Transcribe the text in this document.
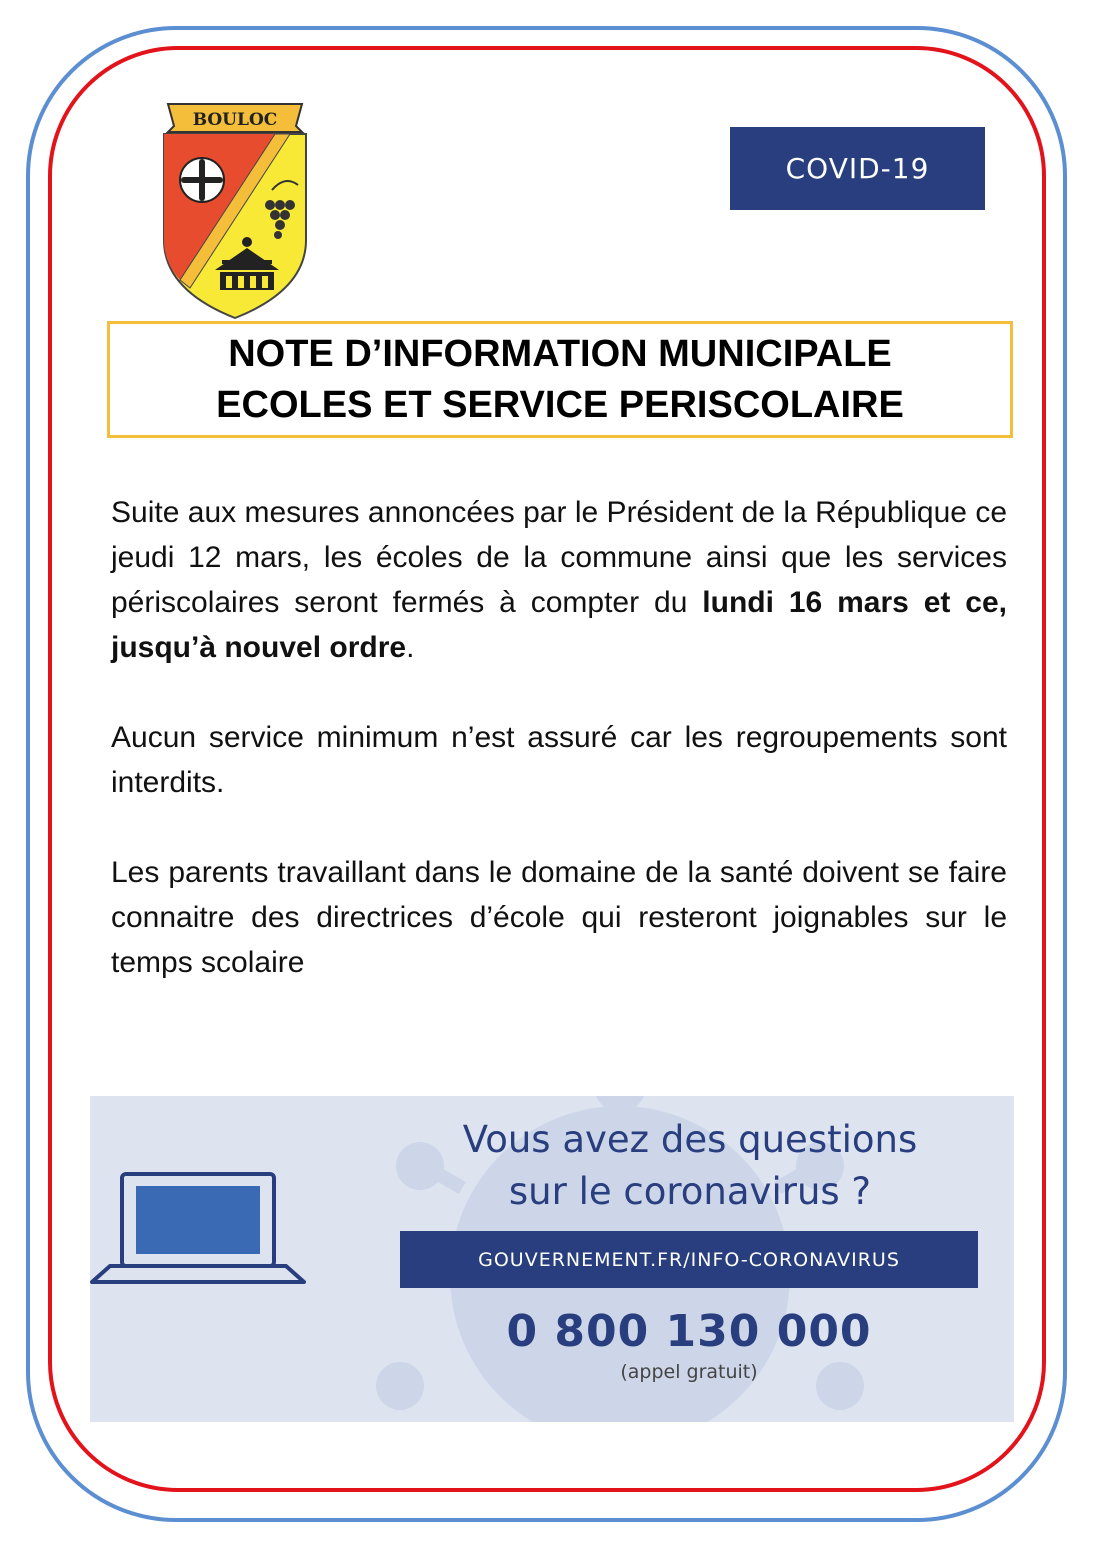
BOULOC
COVID-19
NOTE D’INFORMATION MUNICIPALE
ECOLES ET SERVICE PERISCOLAIRE

Suite aux mesures annoncées par le Président de la République ce jeudi 12 mars, les écoles de la commune ainsi que les services périscolaires seront fermés à compter du lundi 16 mars et ce, jusqu’à nouvel ordre.

Aucun service minimum n’est assuré car les regroupements sont interdits.

Les parents travaillant dans le domaine de la santé doivent se faire connaitre des directrices d’école qui resteront joignables sur le temps scolaire

Vous avez des questions
sur le coronavirus ?
GOUVERNEMENT.FR/INFO-CORONAVIRUS
0 800 130 000
(appel gratuit)
